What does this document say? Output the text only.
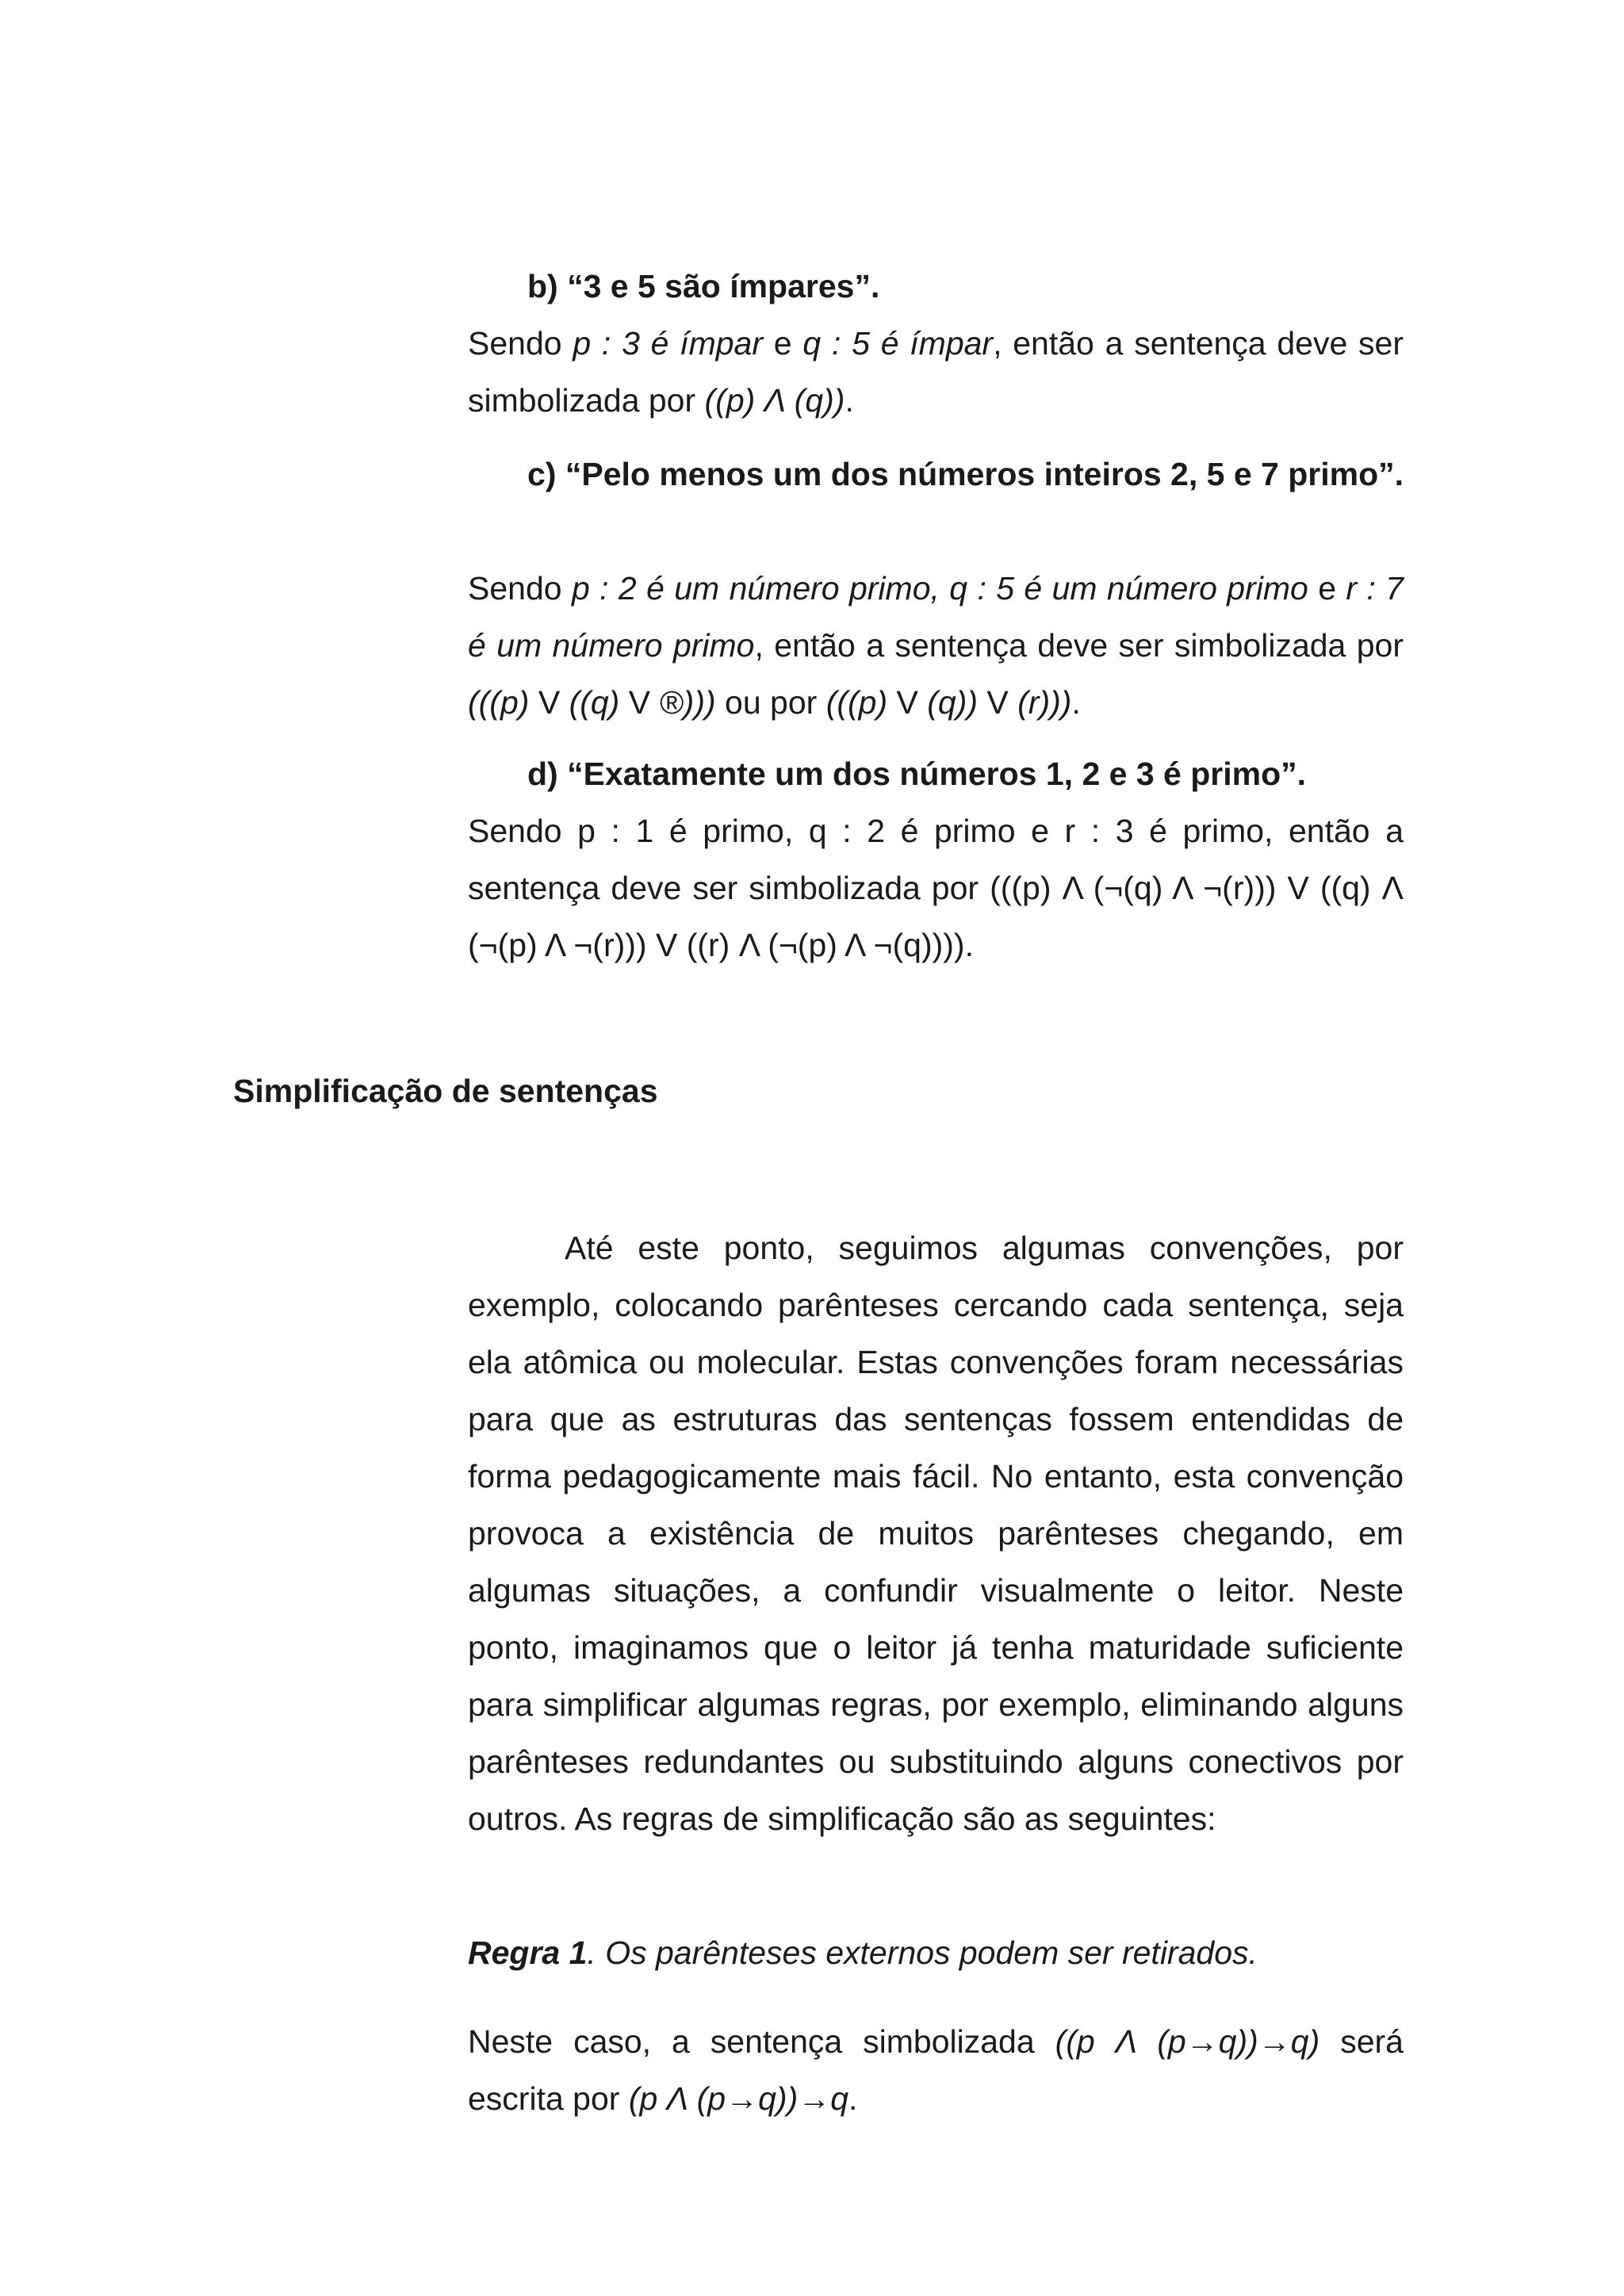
b) “3 e 5 são ímpares”.
Sendo p : 3 é ímpar e q : 5 é ímpar, então a sentença deve ser simbolizada por ((p) Λ (q)).
c) “Pelo menos um dos números inteiros 2, 5 e 7 primo”.
Sendo p : 2 é um número primo, q : 5 é um número primo e r : 7 é um número primo, então a sentença deve ser simbolizada por (((p) V ((q) V ®))) ou por (((p) V (q)) V (r))).
d) “Exatamente um dos números 1, 2 e 3 é primo”.
Sendo p : 1 é primo, q : 2 é primo e r : 3 é primo, então a sentença deve ser simbolizada por (((p) Λ (¬(q) Λ ¬(r))) V ((q) Λ (¬(p) Λ ¬(r))) V ((r) Λ (¬(p) Λ ¬(q)))).
Simplificação de sentenças
Até este ponto, seguimos algumas convenções, por exemplo, colocando parênteses cercando cada sentença, seja ela atômica ou molecular. Estas convenções foram necessárias para que as estruturas das sentenças fossem entendidas de forma pedagogicamente mais fácil. No entanto, esta convenção provoca a existência de muitos parênteses chegando, em algumas situações, a confundir visualmente o leitor. Neste ponto, imaginamos que o leitor já tenha maturidade suficiente para simplificar algumas regras, por exemplo, eliminando alguns parênteses redundantes ou substituindo alguns conectivos por outros. As regras de simplificação são as seguintes:
Regra 1. Os parênteses externos podem ser retirados.
Neste caso, a sentença simbolizada ((p Λ (p→q))→q) será escrita por (p Λ (p→q))→q.
